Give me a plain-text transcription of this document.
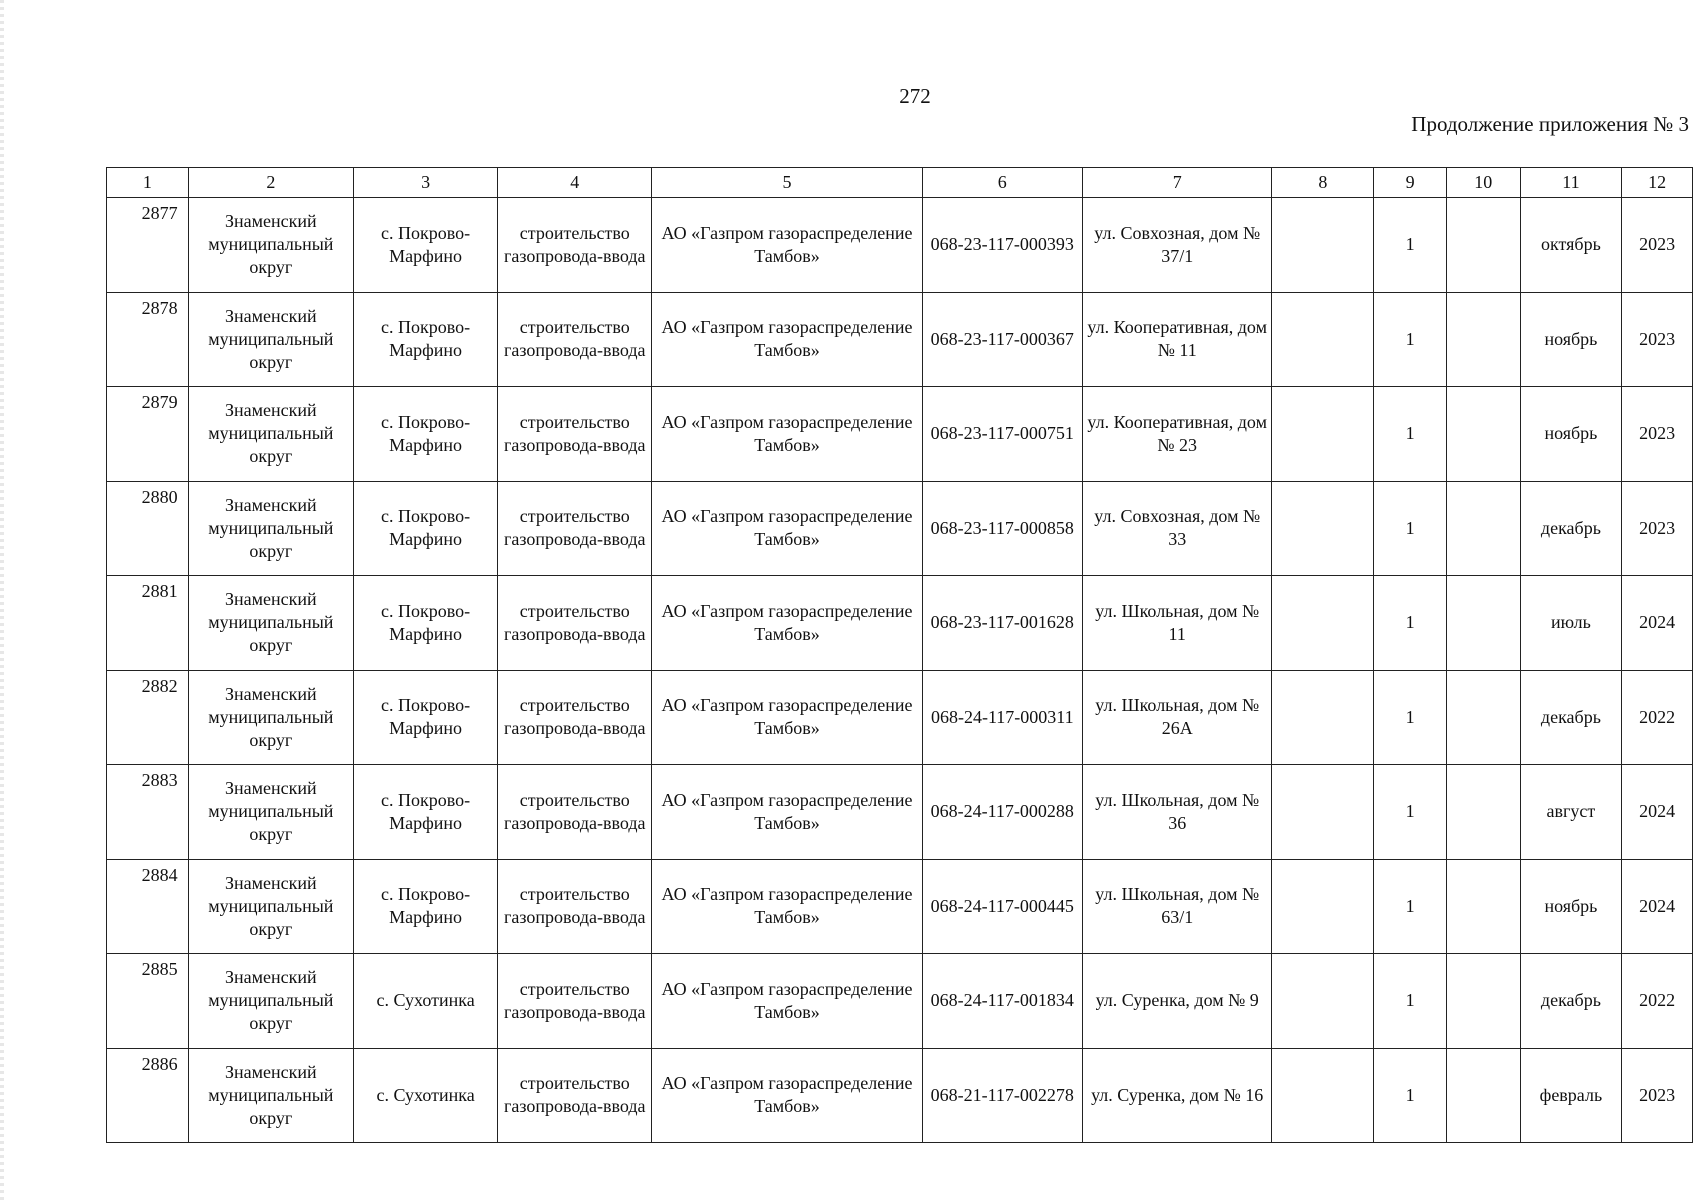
272
Продолжение приложения № 3
1	2	3	4	5	6	7	8	9	10	11	12
2877	Знаменский муниципальный округ	с. Покрово-Марфино	строительство газопровода-ввода	АО «Газпром газораспределение Тамбов»	068-23-117-000393	ул. Совхозная, дом № 37/1		1		октябрь	2023
2878	Знаменский муниципальный округ	с. Покрово-Марфино	строительство газопровода-ввода	АО «Газпром газораспределение Тамбов»	068-23-117-000367	ул. Кооперативная, дом № 11		1		ноябрь	2023
2879	Знаменский муниципальный округ	с. Покрово-Марфино	строительство газопровода-ввода	АО «Газпром газораспределение Тамбов»	068-23-117-000751	ул. Кооперативная, дом № 23		1		ноябрь	2023
2880	Знаменский муниципальный округ	с. Покрово-Марфино	строительство газопровода-ввода	АО «Газпром газораспределение Тамбов»	068-23-117-000858	ул. Совхозная, дом № 33		1		декабрь	2023
2881	Знаменский муниципальный округ	с. Покрово-Марфино	строительство газопровода-ввода	АО «Газпром газораспределение Тамбов»	068-23-117-001628	ул. Школьная, дом № 11		1		июль	2024
2882	Знаменский муниципальный округ	с. Покрово-Марфино	строительство газопровода-ввода	АО «Газпром газораспределение Тамбов»	068-24-117-000311	ул. Школьная, дом № 26А		1		декабрь	2022
2883	Знаменский муниципальный округ	с. Покрово-Марфино	строительство газопровода-ввода	АО «Газпром газораспределение Тамбов»	068-24-117-000288	ул. Школьная, дом № 36		1		август	2024
2884	Знаменский муниципальный округ	с. Покрово-Марфино	строительство газопровода-ввода	АО «Газпром газораспределение Тамбов»	068-24-117-000445	ул. Школьная, дом № 63/1		1		ноябрь	2024
2885	Знаменский муниципальный округ	с. Сухотинка	строительство газопровода-ввода	АО «Газпром газораспределение Тамбов»	068-24-117-001834	ул. Суренка, дом № 9		1		декабрь	2022
2886	Знаменский муниципальный округ	с. Сухотинка	строительство газопровода-ввода	АО «Газпром газораспределение Тамбов»	068-21-117-002278	ул. Суренка, дом № 16		1		февраль	2023
